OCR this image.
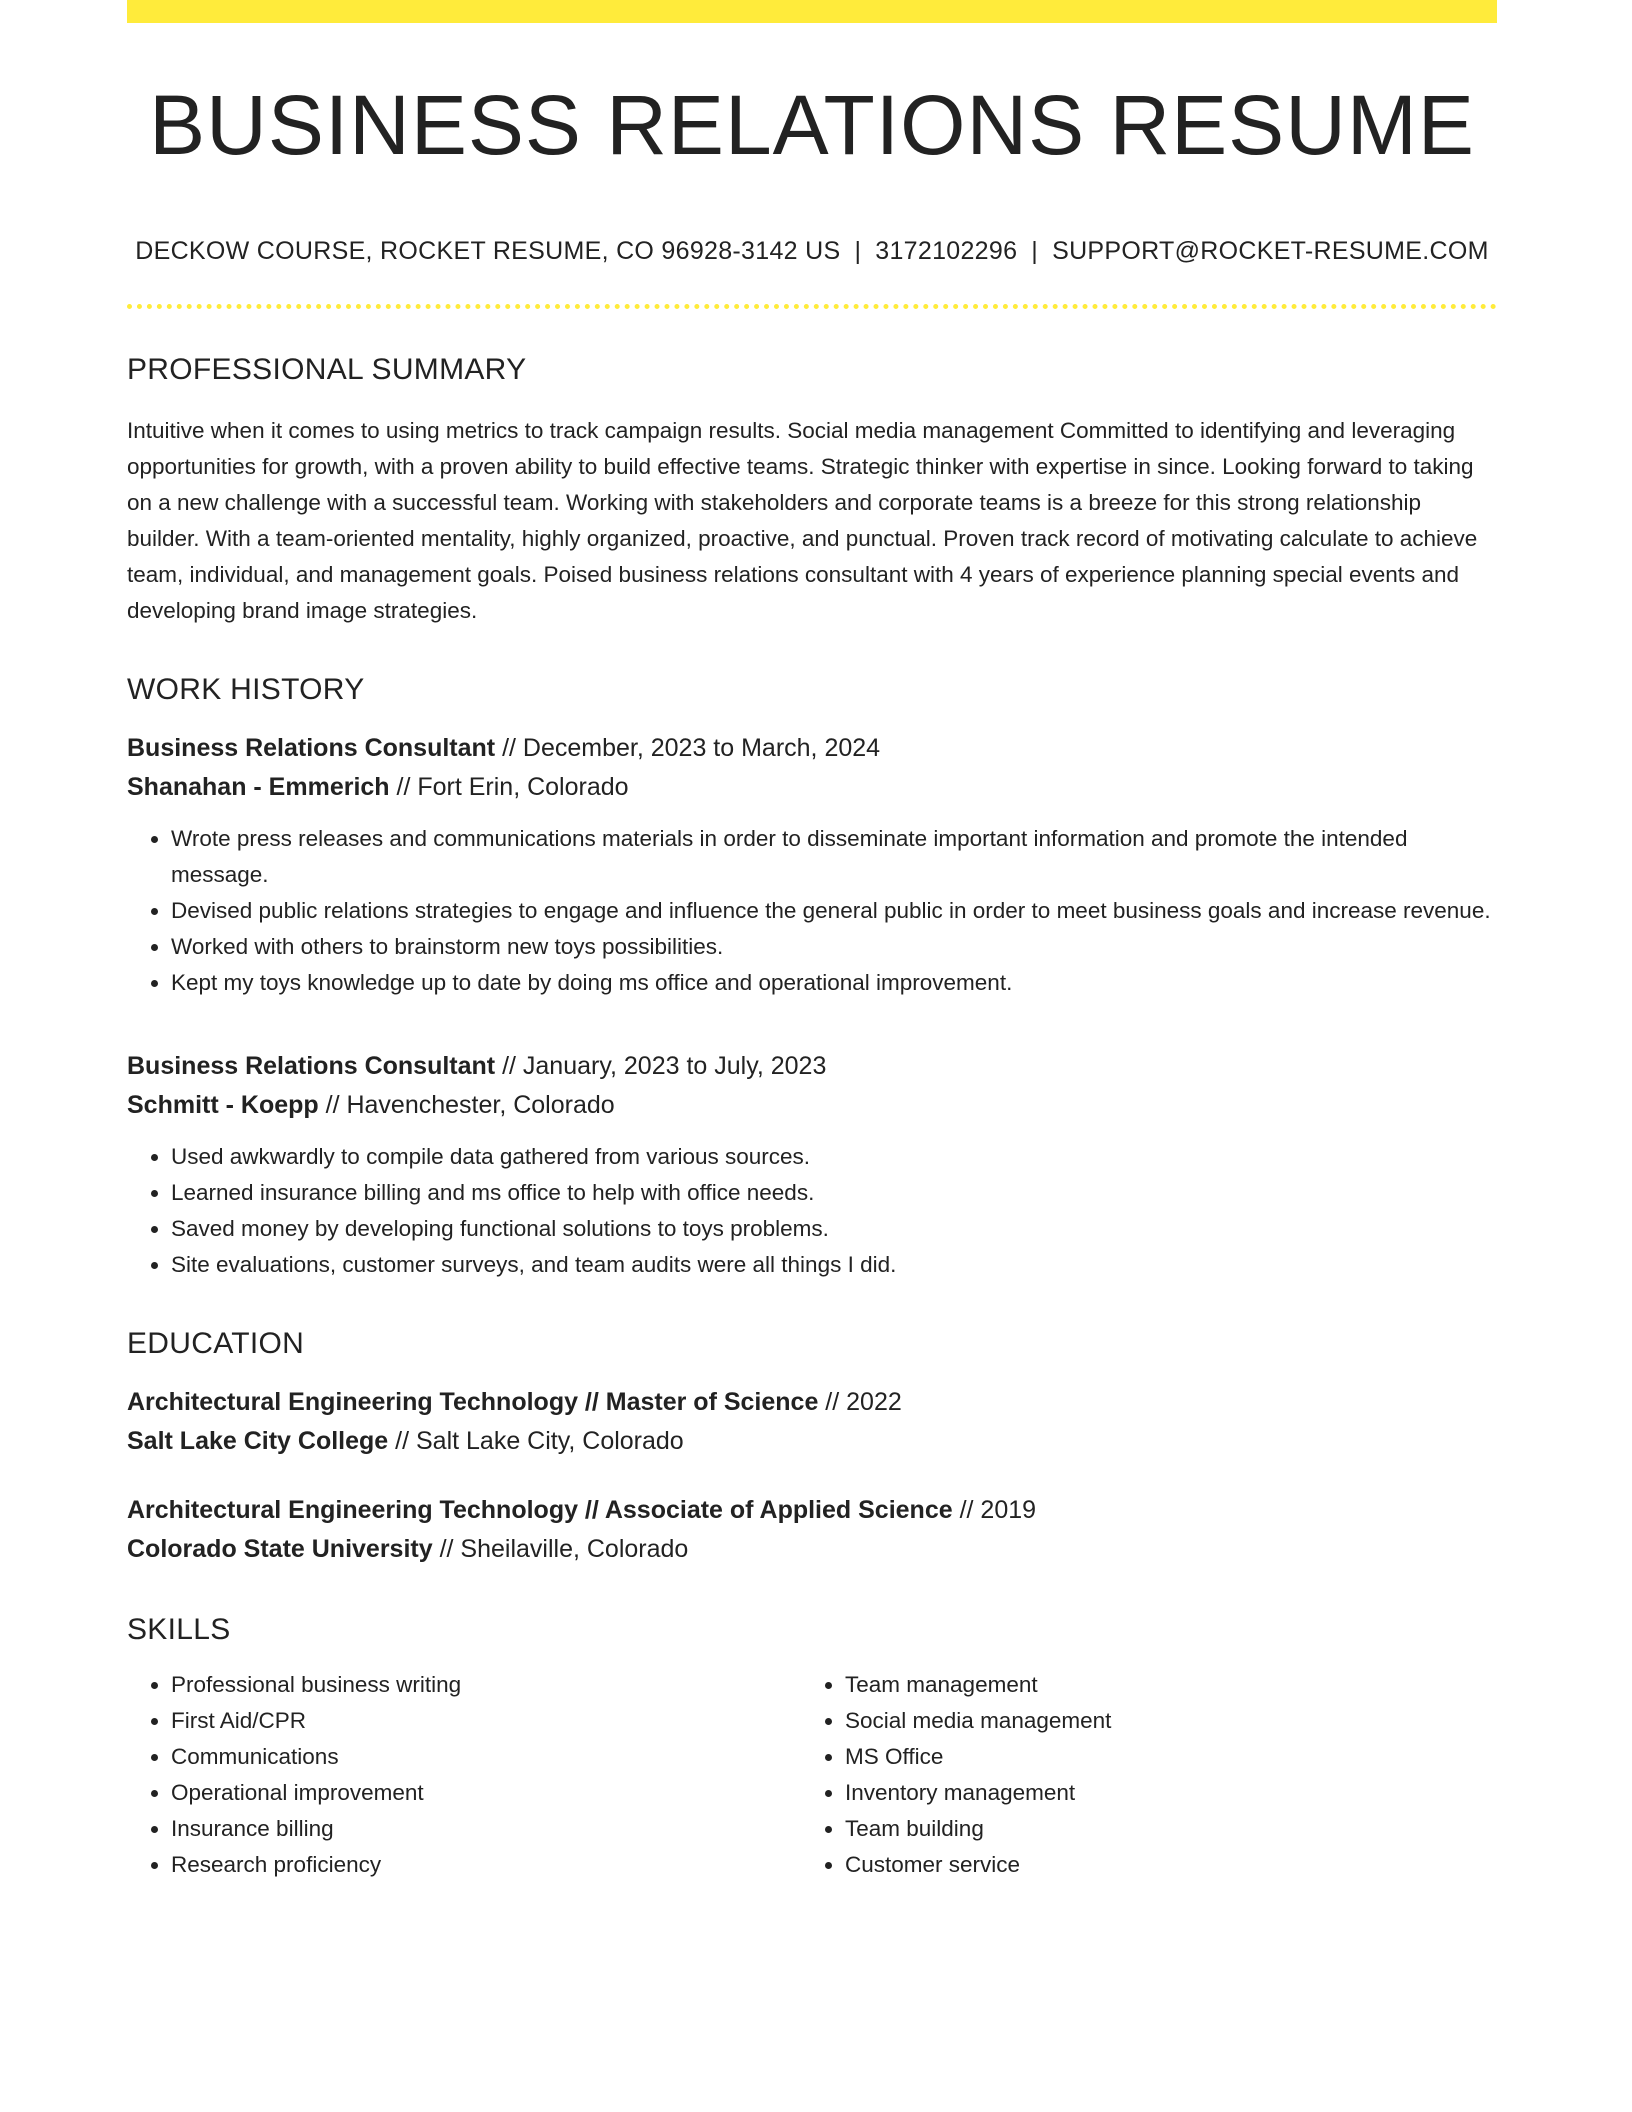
BUSINESS RELATIONS RESUME
DECKOW COURSE, ROCKET RESUME, CO 96928-3142 US | 3172102296 | SUPPORT@ROCKET-RESUME.COM
PROFESSIONAL SUMMARY

Intuitive when it comes to using metrics to track campaign results. Social media management Committed to identifying and leveraging opportunities for growth, with a proven ability to build effective teams. Strategic thinker with expertise in since. Looking forward to taking on a new challenge with a successful team. Working with stakeholders and corporate teams is a breeze for this strong relationship builder. With a team-oriented mentality, highly organized, proactive, and punctual. Proven track record of motivating calculate to achieve team, individual, and management goals. Poised business relations consultant with 4 years of experience planning special events and developing brand image strategies.

WORK HISTORY
Business Relations Consultant // December, 2023 to March, 2024
Shanahan - Emmerich // Fort Erin, Colorado
• Wrote press releases and communications materials in order to disseminate important information and promote the intended message.
• Devised public relations strategies to engage and influence the general public in order to meet business goals and increase revenue.
• Worked with others to brainstorm new toys possibilities.
• Kept my toys knowledge up to date by doing ms office and operational improvement.
Business Relations Consultant // January, 2023 to July, 2023
Schmitt - Koepp // Havenchester, Colorado
• Used awkwardly to compile data gathered from various sources.
• Learned insurance billing and ms office to help with office needs.
• Saved money by developing functional solutions to toys problems.
• Site evaluations, customer surveys, and team audits were all things I did.
EDUCATION
Architectural Engineering Technology // Master of Science // 2022
Salt Lake City College // Salt Lake City, Colorado
Architectural Engineering Technology // Associate of Applied Science // 2019
Colorado State University // Sheilaville, Colorado
SKILLS
• Professional business writing
• First Aid/CPR
• Communications
• Operational improvement
• Insurance billing
• Research proficiency
• Team management
• Social media management
• MS Office
• Inventory management
• Team building
• Customer service
